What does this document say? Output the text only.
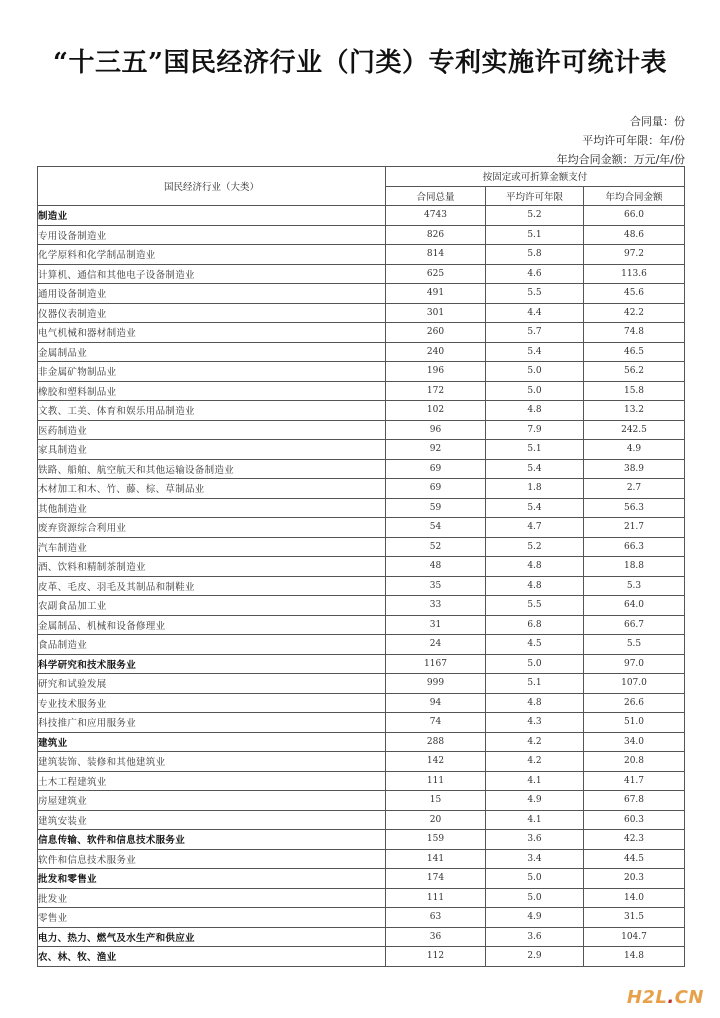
“十三五”国民经济行业（门类）专利实施许可统计表
合同量：份
平均许可年限：年/份
年均合同金额：万元/年/份
国民经济行业（大类）	按固定或可折算金额支付		
	合同总量	平均许可年限	年均合同金额
制造业	4743	5.2	66.0
专用设备制造业	826	5.1	48.6
化学原料和化学制品制造业	814	5.8	97.2
计算机、通信和其他电子设备制造业	625	4.6	113.6
通用设备制造业	491	5.5	45.6
仪器仪表制造业	301	4.4	42.2
电气机械和器材制造业	260	5.7	74.8
金属制品业	240	5.4	46.5
非金属矿物制品业	196	5.0	56.2
橡胶和塑料制品业	172	5.0	15.8
文教、工美、体育和娱乐用品制造业	102	4.8	13.2
医药制造业	96	7.9	242.5
家具制造业	92	5.1	4.9
铁路、船舶、航空航天和其他运输设备制造业	69	5.4	38.9
木材加工和木、竹、藤、棕、草制品业	69	1.8	2.7
其他制造业	59	5.4	56.3
废弃资源综合利用业	54	4.7	21.7
汽车制造业	52	5.2	66.3
酒、饮料和精制茶制造业	48	4.8	18.8
皮革、毛皮、羽毛及其制品和制鞋业	35	4.8	5.3
农副食品加工业	33	5.5	64.0
金属制品、机械和设备修理业	31	6.8	66.7
食品制造业	24	4.5	5.5
科学研究和技术服务业	1167	5.0	97.0
研究和试验发展	999	5.1	107.0
专业技术服务业	94	4.8	26.6
科技推广和应用服务业	74	4.3	51.0
建筑业	288	4.2	34.0
建筑装饰、装修和其他建筑业	142	4.2	20.8
土木工程建筑业	111	4.1	41.7
房屋建筑业	15	4.9	67.8
建筑安装业	20	4.1	60.3
信息传输、软件和信息技术服务业	159	3.6	42.3
软件和信息技术服务业	141	3.4	44.5
批发和零售业	174	5.0	20.3
批发业	111	5.0	14.0
零售业	63	4.9	31.5
电力、热力、燃气及水生产和供应业	36	3.6	104.7
农、林、牧、渔业	112	2.9	14.8
H2L.CN
